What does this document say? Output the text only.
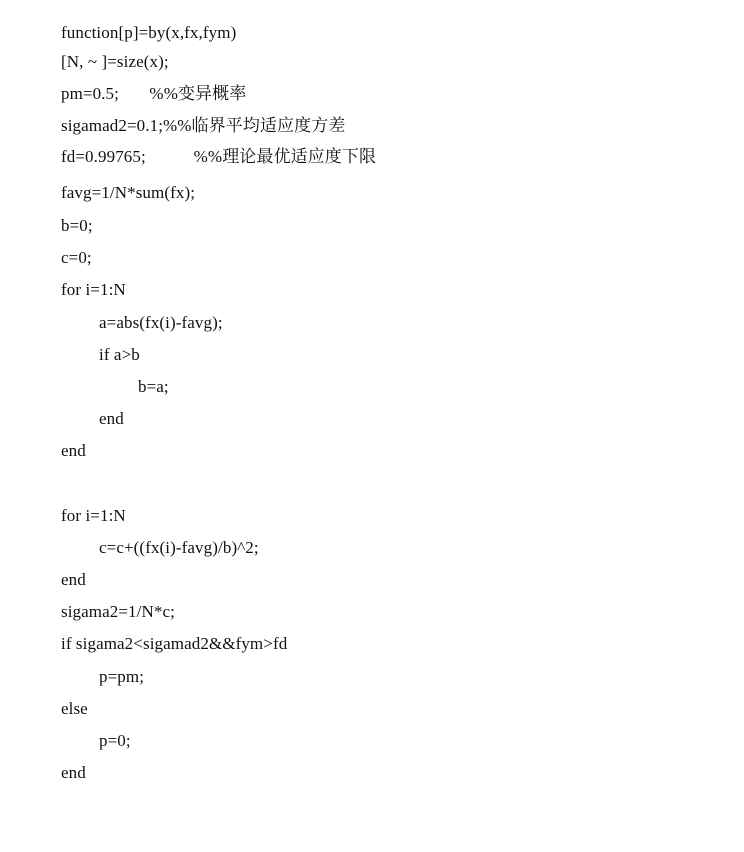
function[p]=by(x,fx,fym)
[N, ~ ]=size(x);
pm=0.5;       %%变异概率
sigamad2=0.1;%%临界平均适应度方差
fd=0.99765;           %%理论最优适应度下限
favg=1/N*sum(fx);
b=0;
c=0;
for i=1:N
a=abs(fx(i)-favg);
if a>b
b=a;
end
end
for i=1:N
c=c+((fx(i)-favg)/b)^2;
end
sigama2=1/N*c;
if sigama2<sigamad2&&fym>fd
p=pm;
else
p=0;
end
